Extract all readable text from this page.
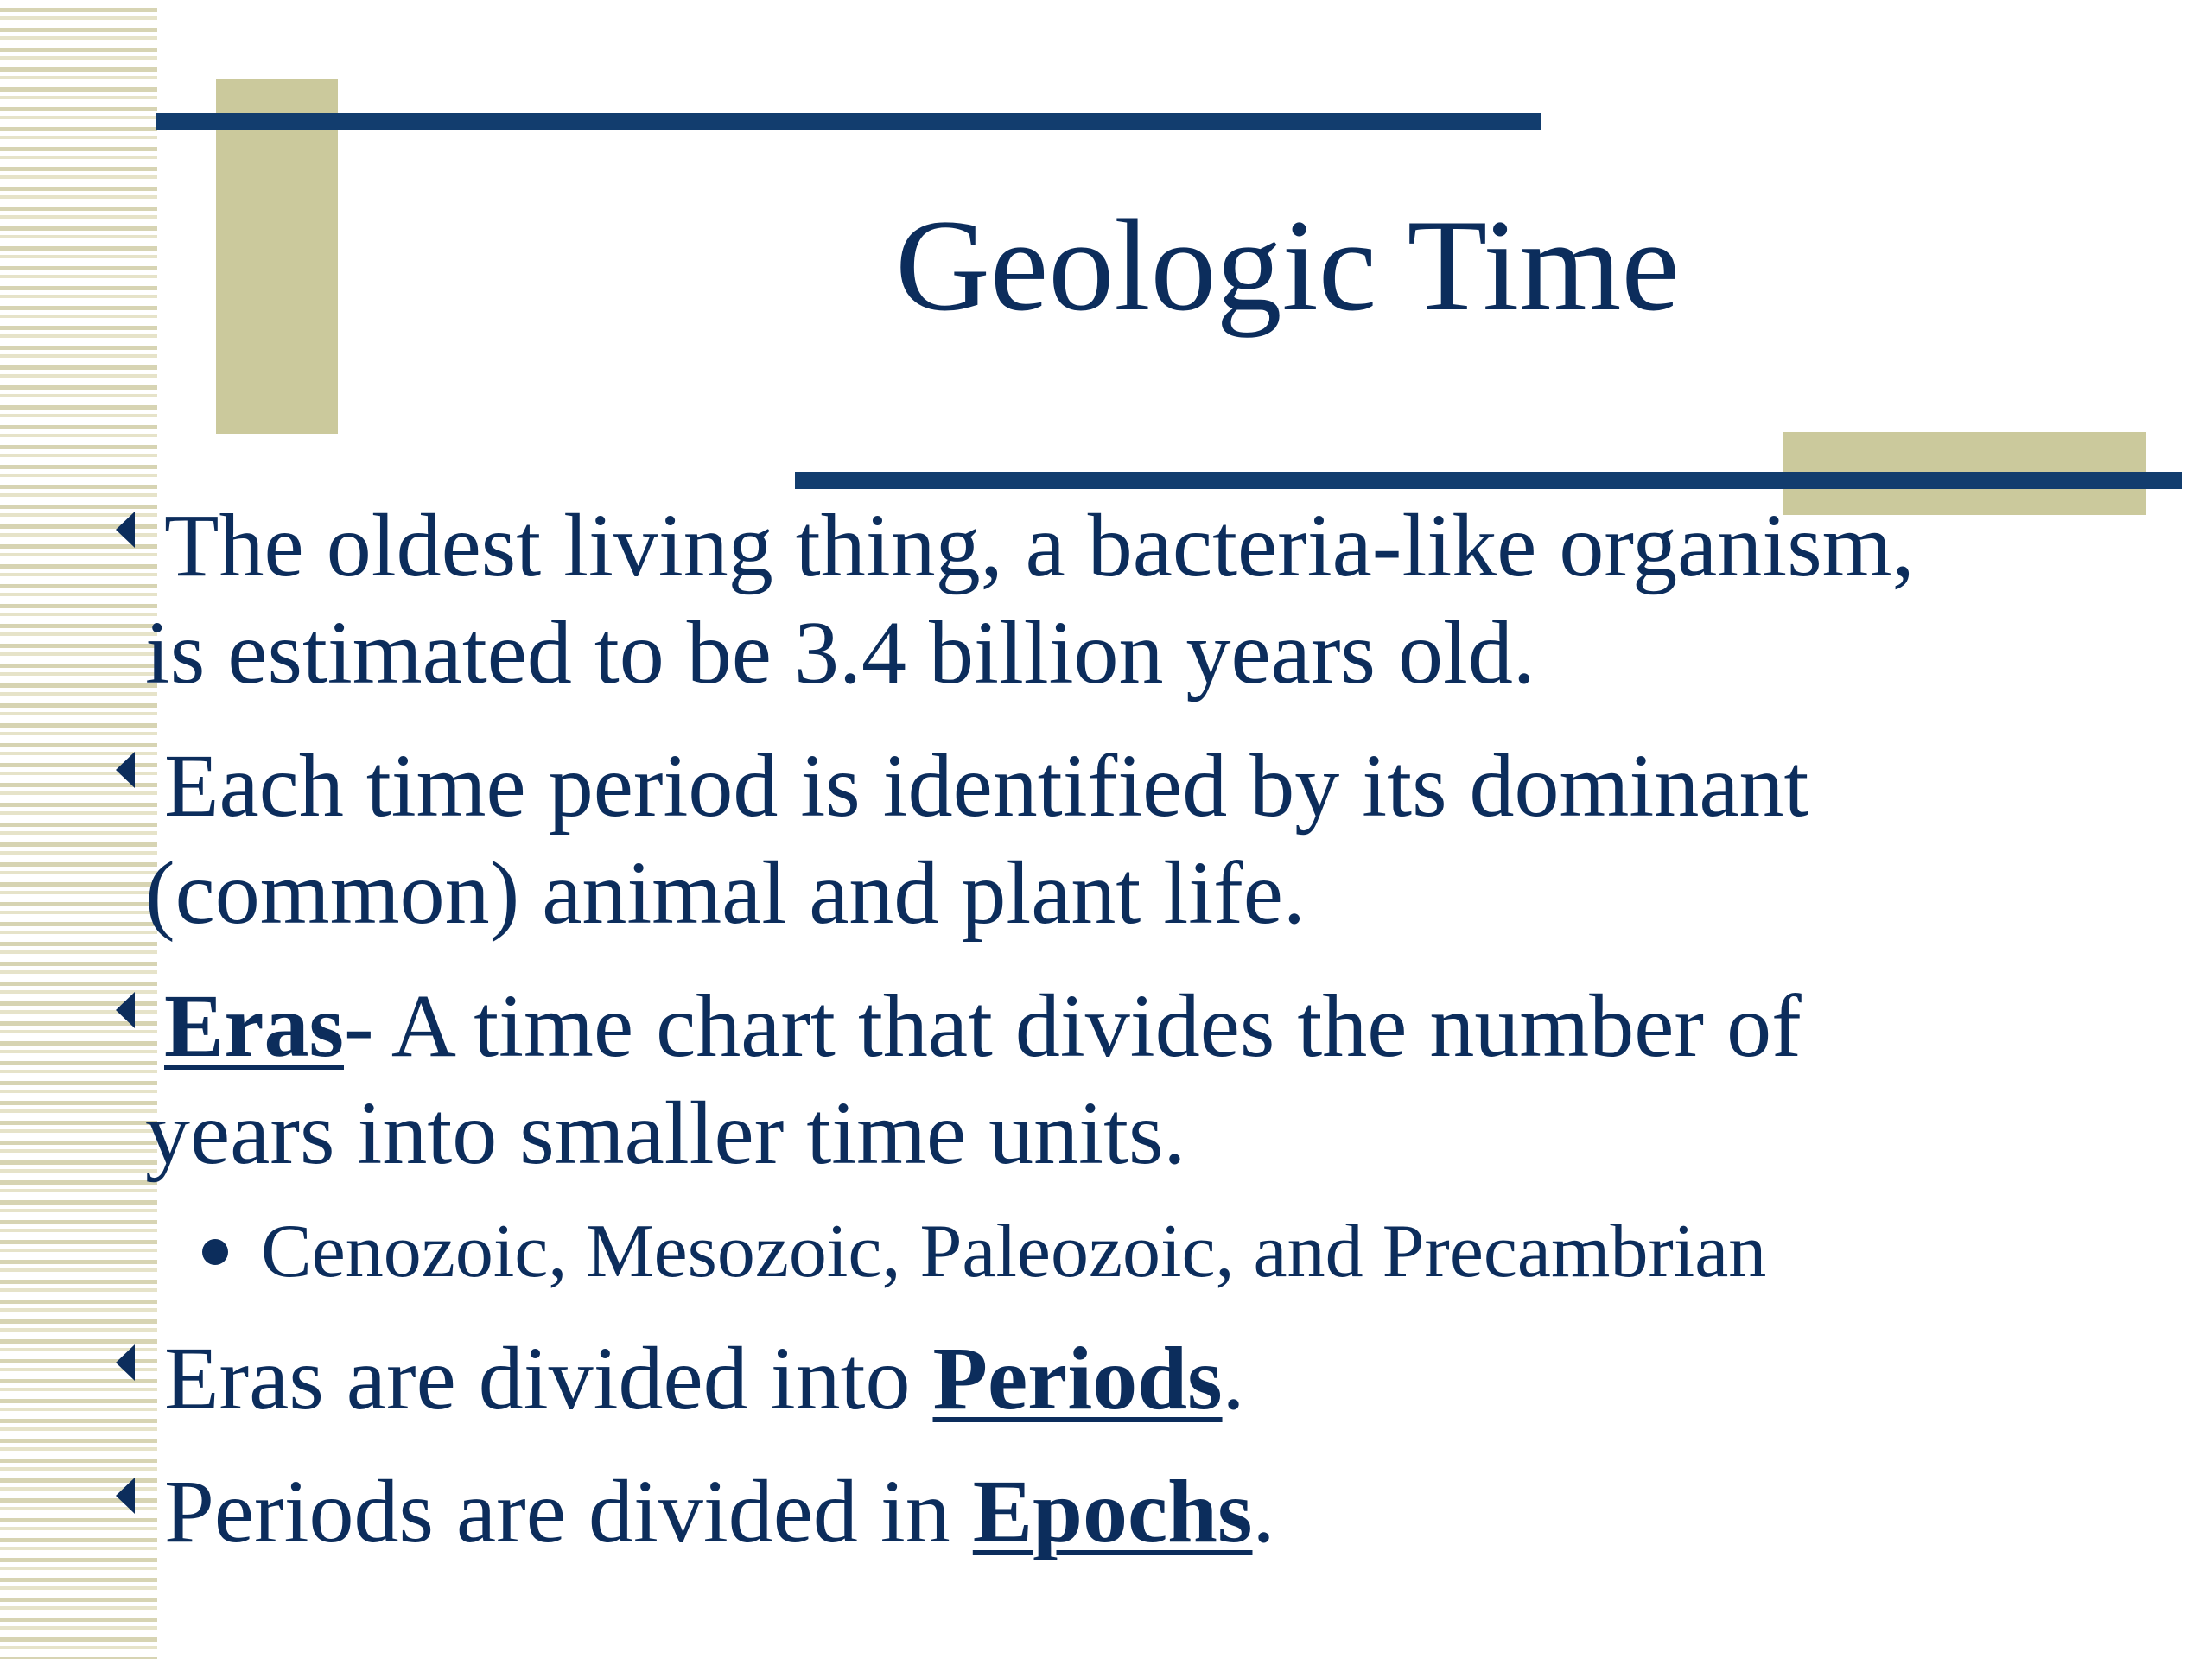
Geologic Time
The oldest living thing, a bacteria-like organism,
is estimated to be 3.4 billion years old.
Each time period is identified by its dominant
(common) animal and plant life.
Eras- A time chart that divides the number of
years into smaller time units.
Cenozoic, Mesozoic, Paleozoic, and Precambrian
Eras are divided into Periods.
Periods are divided in Epochs.
